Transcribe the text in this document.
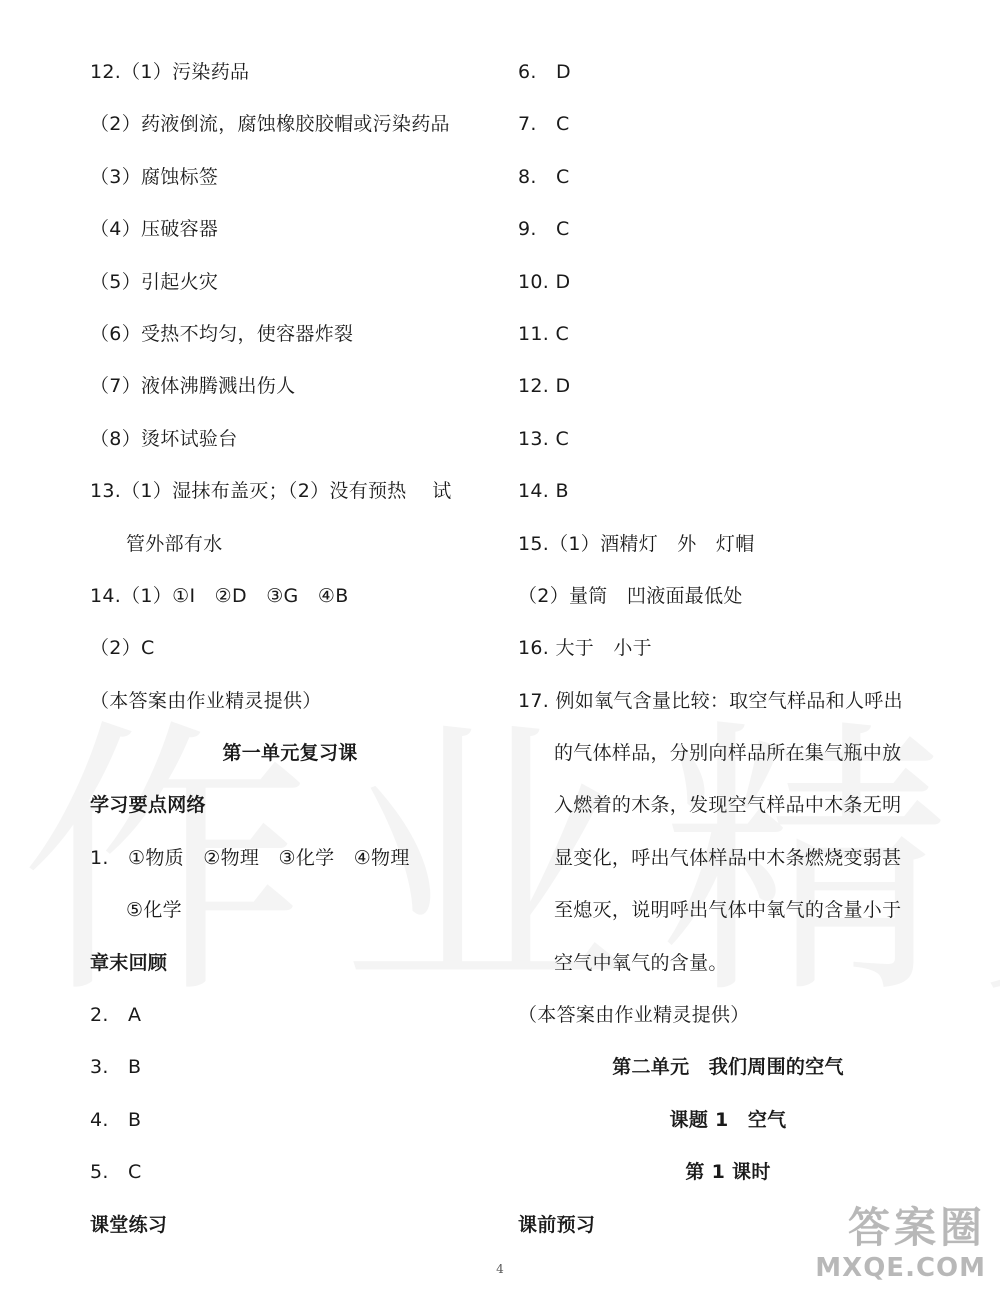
12.（1）污染药品
（2）药液倒流，腐蚀橡胶胶帽或污染药品
（3）腐蚀标签
（4）压破容器
（5）引起火灾
（6）受热不均匀，使容器炸裂
（7）液体沸腾溅出伤人
（8）烫坏试验台
13.（1）湿抹布盖灭；（2）没有预热　 试
管外部有水
14.（1）①I　②D　③G　④B
（2）C
（本答案由作业精灵提供）
第一单元复习课
学习要点网络
1.　①物质　②物理　③化学　④物理
⑤化学
章末回顾
2.　A
3.　B
4.　B
5.　C
课堂练习
6.　D
7.　C
8.　C
9.　C
10. D
11. C
12. D
13. C
14. B
15.（1）酒精灯　外　灯帽
（2）量筒　凹液面最低处
16. 大于　小于
17. 例如氧气含量比较：取空气样品和人呼出
的气体样品，分别向样品所在集气瓶中放
入燃着的木条，发现空气样品中木条无明
显变化，呼出气体样品中木条燃烧变弱甚
至熄灭，说明呼出气体中氧气的含量小于
空气中氧气的含量。
（本答案由作业精灵提供）
第二单元　我们周围的空气
课题 1　空气
第 1 课时
课前预习
4
答案圈
MXQE.COM
